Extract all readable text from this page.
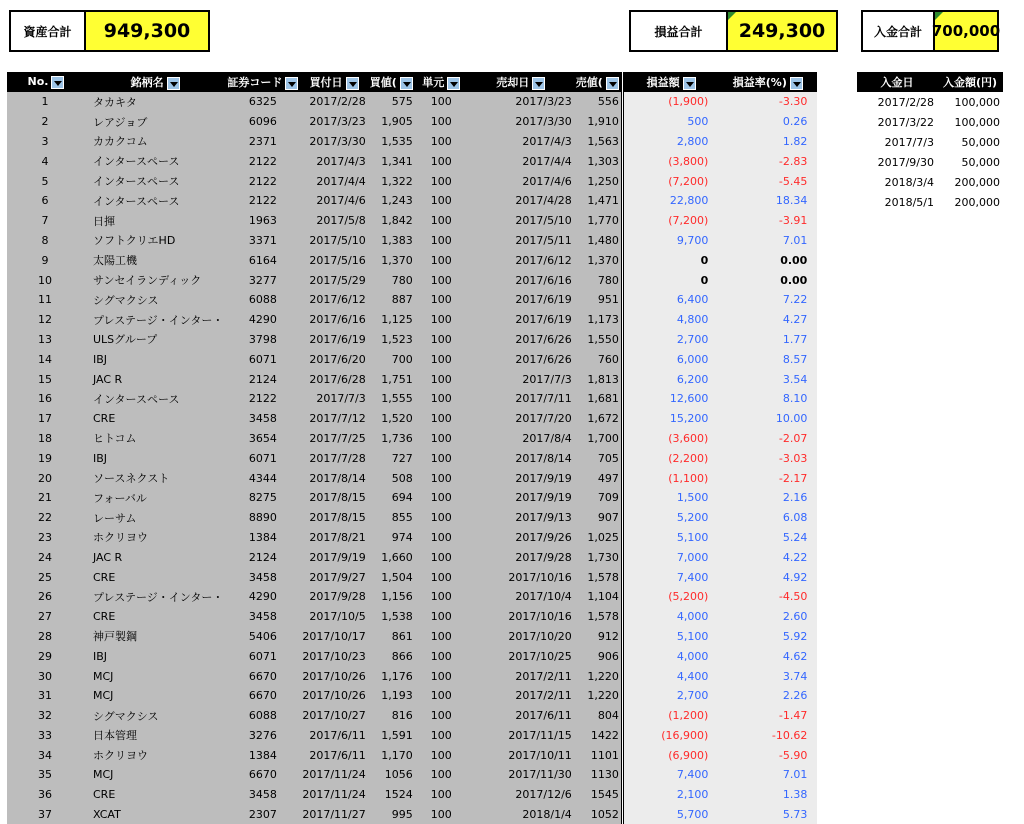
資産合計	949,300	損益合計	249,300	入金合計 700,000
No.	銘柄名	証券コード	買付日	買値(	単元	売却日	売値(	損益額	損益率(%)
1	タカキタ	6325	2017/2/28	575	100	2017/3/23	556	(1,900)	-3.30
2	レアジョブ	6096	2017/3/23	1,905	100	2017/3/30	1,910	500	0.26
3	カカクコム	2371	2017/3/30	1,535	100	2017/4/3	1,563	2,800	1.82
4	インタースペース	2122	2017/4/3	1,341	100	2017/4/4	1,303	(3,800)	-2.83
5	インタースペース	2122	2017/4/4	1,322	100	2017/4/6	1,250	(7,200)	-5.45
6	インタースペース	2122	2017/4/6	1,243	100	2017/4/28	1,471	22,800	18.34
7	日揮	1963	2017/5/8	1,842	100	2017/5/10	1,770	(7,200)	-3.91
8	ソフトクリエHD	3371	2017/5/10	1,383	100	2017/5/11	1,480	9,700	7.01
9	太陽工機	6164	2017/5/16	1,370	100	2017/6/12	1,370	0	0.00
10	サンセイランディック	3277	2017/5/29	780	100	2017/6/16	780	0	0.00
11	シグマクシス	6088	2017/6/12	887	100	2017/6/19	951	6,400	7.22
12	プレステージ・インター・	4290	2017/6/16	1,125	100	2017/6/19	1,173	4,800	4.27
13	ULSグループ	3798	2017/6/19	1,523	100	2017/6/26	1,550	2,700	1.77
14	IBJ	6071	2017/6/20	700	100	2017/6/26	760	6,000	8.57
15	JAC R	2124	2017/6/28	1,751	100	2017/7/3	1,813	6,200	3.54
16	インタースペース	2122	2017/7/3	1,555	100	2017/7/11	1,681	12,600	8.10
17	CRE	3458	2017/7/12	1,520	100	2017/7/20	1,672	15,200	10.00
18	ヒトコム	3654	2017/7/25	1,736	100	2017/8/4	1,700	(3,600)	-2.07
19	IBJ	6071	2017/7/28	727	100	2017/8/14	705	(2,200)	-3.03
20	ソースネクスト	4344	2017/8/14	508	100	2017/9/19	497	(1,100)	-2.17
21	フォーバル	8275	2017/8/15	694	100	2017/9/19	709	1,500	2.16
22	レーサム	8890	2017/8/15	855	100	2017/9/13	907	5,200	6.08
23	ホクリヨウ	1384	2017/8/21	974	100	2017/9/26	1,025	5,100	5.24
24	JAC R	2124	2017/9/19	1,660	100	2017/9/28	1,730	7,000	4.22
25	CRE	3458	2017/9/27	1,504	100	2017/10/16	1,578	7,400	4.92
26	プレステージ・インター・	4290	2017/9/28	1,156	100	2017/10/4	1,104	(5,200)	-4.50
27	CRE	3458	2017/10/5	1,538	100	2017/10/16	1,578	4,000	2.60
28	神戸製鋼	5406	2017/10/17	861	100	2017/10/20	912	5,100	5.92
29	IBJ	6071	2017/10/23	866	100	2017/10/25	906	4,000	4.62
30	MCJ	6670	2017/10/26	1,176	100	2017/2/11	1,220	4,400	3.74
31	MCJ	6670	2017/10/26	1,193	100	2017/2/11	1,220	2,700	2.26
32	シグマクシス	6088	2017/10/27	816	100	2017/6/11	804	(1,200)	-1.47
33	日本管理	3276	2017/6/11	1,591	100	2017/11/15	1422	(16,900)	-10.62
34	ホクリヨウ	1384	2017/6/11	1,170	100	2017/10/11	1101	(6,900)	-5.90
35	MCJ	6670	2017/11/24	1056	100	2017/11/30	1130	7,400	7.01
36	CRE	3458	2017/11/24	1524	100	2017/12/6	1545	2,100	1.38
37	XCAT	2307	2017/11/27	995	100	2018/1/4	1052	5,700	5.73
入金日	入金額(円)
2017/2/28	100,000
2017/3/22	100,000
2017/7/3	50,000
2017/9/30	50,000
2018/3/4	200,000
2018/5/1	200,000
